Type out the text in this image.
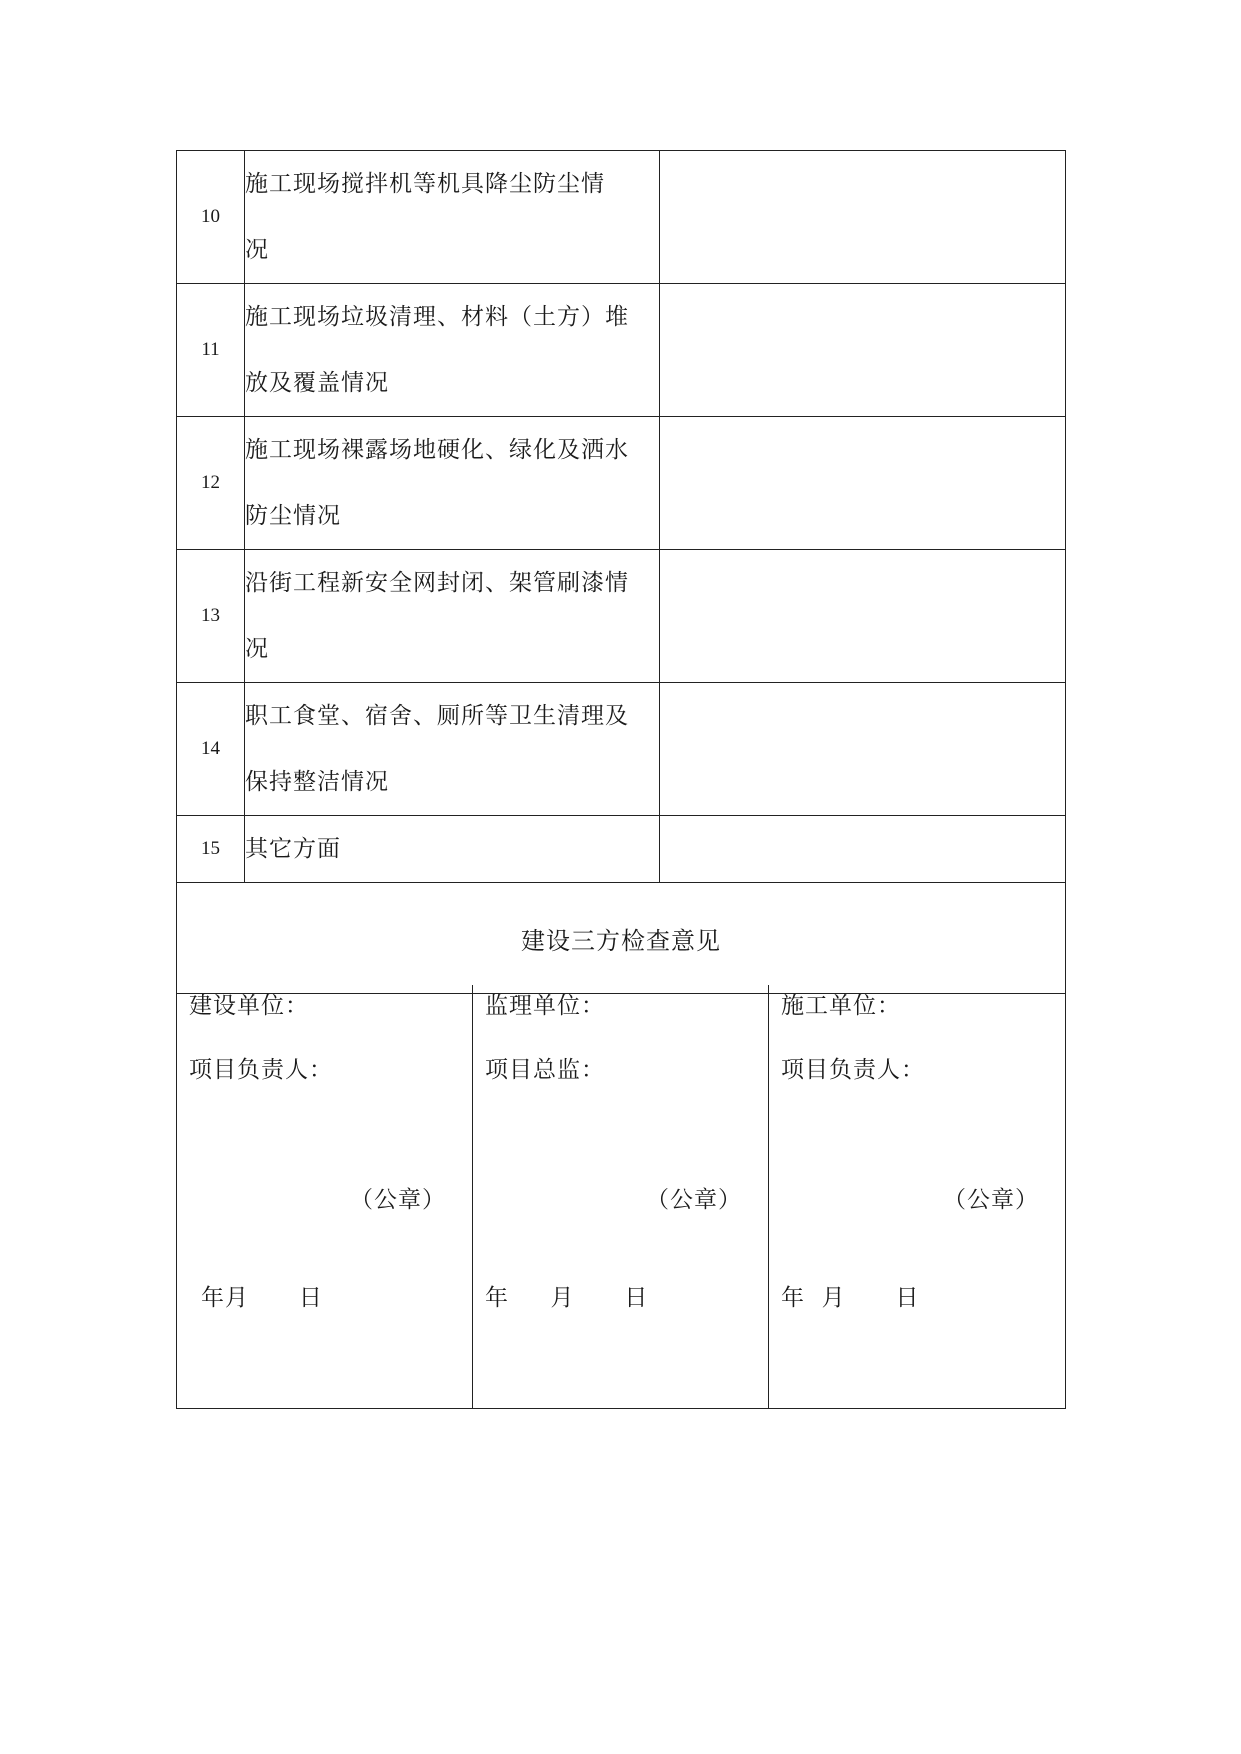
10	施工现场搅拌机等机具降尘防尘情
况	

11	施工现场垃圾清理、材料（土方）堆
放及覆盖情况	

12	施工现场裸露场地硬化、绿化及洒水
防尘情况	

13	沿街工程新安全网封闭、架管刷漆情
况	

14	职工食堂、宿舍、厕所等卫生清理及
保持整洁情况	

15	其它方面	

建设三方检查意见		
建设单位：
项目负责人：
（公章）
年月      日

监理单位：
项目总监：
（公章）
年     月      日

施工单位：
项目负责人：
（公章）
年  月      日
